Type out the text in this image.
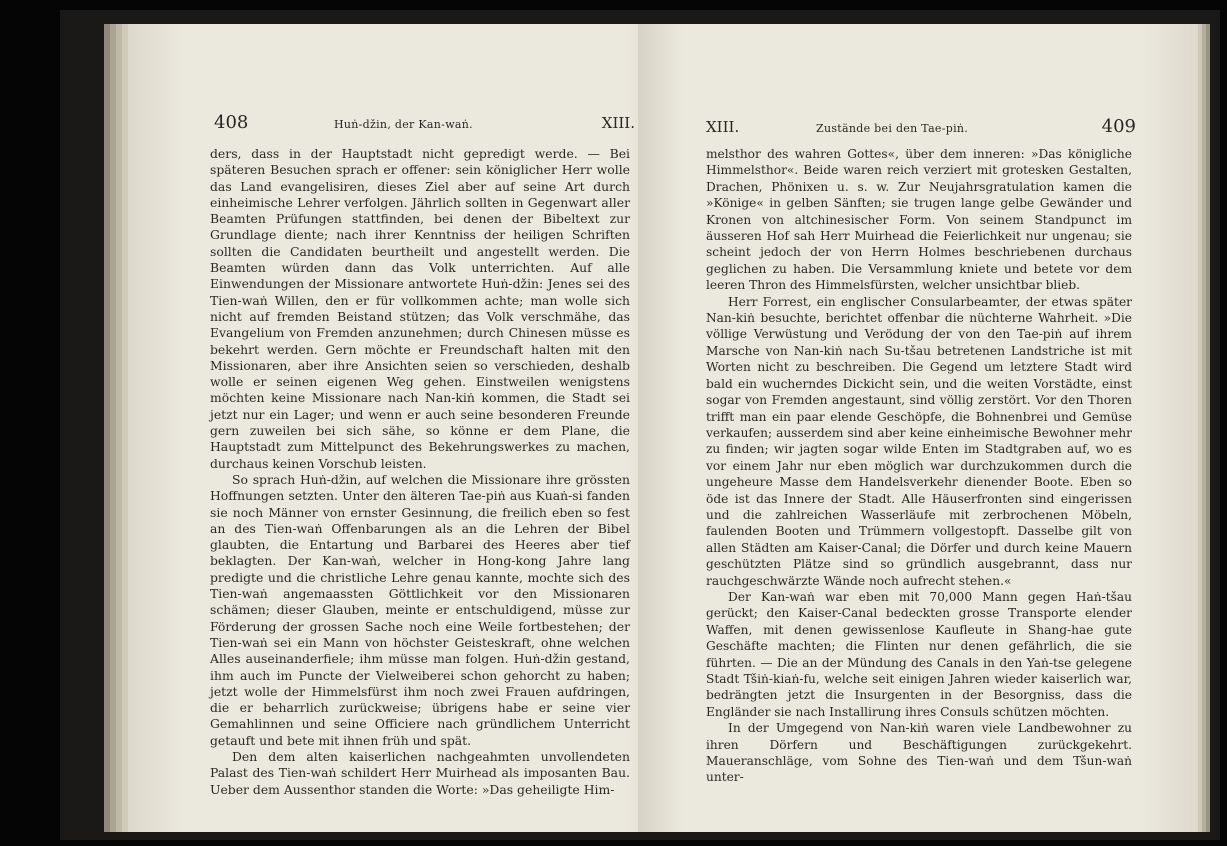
408	Huṅ-džin, der Kan-waṅ.	XIII.

ders, dass in der Hauptstadt nicht gepredigt werde. — Bei späteren Besuchen sprach er offener: sein königlicher Herr wolle das Land evangelisiren, dieses Ziel aber auf seine Art durch einheimische Lehrer verfolgen. Jährlich sollten in Gegenwart aller Beamten Prüfungen stattfinden, bei denen der Bibeltext zur Grundlage diente; nach ihrer Kenntniss der heiligen Schriften sollten die Candidaten beurtheilt und angestellt werden. Die Beamten würden dann das Volk unterrichten. Auf alle Einwendungen der Missionare antwortete Huṅ-džin: Jenes sei des Tien-waṅ Willen, den er für vollkommen achte; man wolle sich nicht auf fremden Beistand stützen; das Volk verschmähe, das Evangelium von Fremden anzunehmen; durch Chinesen müsse es bekehrt werden. Gern möchte er Freundschaft halten mit den Missionaren, aber ihre Ansichten seien so verschieden, deshalb wolle er seinen eigenen Weg gehen. Einstweilen wenigstens möchten keine Missionare nach Nan-kiṅ kommen, die Stadt sei jetzt nur ein Lager; und wenn er auch seine besonderen Freunde gern zuweilen bei sich sähe, so könne er dem Plane, die Hauptstadt zum Mittelpunct des Bekehrungswerkes zu machen, durchaus keinen Vorschub leisten.

So sprach Huṅ-džin, auf welchen die Missionare ihre grössten Hoffnungen setzten. Unter den älteren Tae-piṅ aus Kuaṅ-si fanden sie noch Männer von ernster Gesinnung, die freilich eben so fest an des Tien-waṅ Offenbarungen als an die Lehren der Bibel glaubten, die Entartung und Barbarei des Heeres aber tief beklagten. Der Kan-waṅ, welcher in Hong-kong Jahre lang predigte und die christliche Lehre genau kannte, mochte sich des Tien-waṅ angemaassten Göttlichkeit vor den Missionaren schämen; dieser Glauben, meinte er entschuldigend, müsse zur Förderung der grossen Sache noch eine Weile fortbestehen; der Tien-waṅ sei ein Mann von höchster Geisteskraft, ohne welchen Alles auseinanderfiele; ihm müsse man folgen. Huṅ-džin gestand, ihm auch im Puncte der Vielweiberei schon gehorcht zu haben; jetzt wolle der Himmelsfürst ihm noch zwei Frauen aufdringen, die er beharrlich zurückweise; übrigens habe er seine vier Gemahlinnen und seine Officiere nach gründlichem Unterricht getauft und bete mit ihnen früh und spät.

Den dem alten kaiserlichen nachgeahmten unvollendeten Palast des Tien-waṅ schildert Herr Muirhead als imposanten Bau. Ueber dem Aussenthor standen die Worte: »Das geheiligte Him-

XIII.	Zustände bei den Tae-piṅ.	409

melsthor des wahren Gottes«, über dem inneren: »Das königliche Himmelsthor«. Beide waren reich verziert mit grotesken Gestalten, Drachen, Phönixen u. s. w. Zur Neujahrsgratulation kamen die »Könige« in gelben Sänften; sie trugen lange gelbe Gewänder und Kronen von altchinesischer Form. Von seinem Standpunct im äusseren Hof sah Herr Muirhead die Feierlichkeit nur ungenau; sie scheint jedoch der von Herrn Holmes beschriebenen durchaus geglichen zu haben. Die Versammlung kniete und betete vor dem leeren Thron des Himmelsfürsten, welcher unsichtbar blieb.

Herr Forrest, ein englischer Consularbeamter, der etwas später Nan-kiṅ besuchte, berichtet offenbar die nüchterne Wahrheit. »Die völlige Verwüstung und Verödung der von den Tae-piṅ auf ihrem Marsche von Nan-kiṅ nach Su-tšau betretenen Landstriche ist mit Worten nicht zu beschreiben. Die Gegend um letztere Stadt wird bald ein wucherndes Dickicht sein, und die weiten Vorstädte, einst sogar von Fremden angestaunt, sind völlig zerstört. Vor den Thoren trifft man ein paar elende Geschöpfe, die Bohnenbrei und Gemüse verkaufen; ausserdem sind aber keine einheimische Bewohner mehr zu finden; wir jagten sogar wilde Enten im Stadtgraben auf, wo es vor einem Jahr nur eben möglich war durchzukommen durch die ungeheure Masse dem Handelsverkehr dienender Boote. Eben so öde ist das Innere der Stadt. Alle Häuserfronten sind eingerissen und die zahlreichen Wasserläufe mit zerbrochenen Möbeln, faulenden Booten und Trümmern vollgestopft. Dasselbe gilt von allen Städten am Kaiser-Canal; die Dörfer und durch keine Mauern geschützten Plätze sind so gründlich ausgebrannt, dass nur rauchgeschwärzte Wände noch aufrecht stehen.«

Der Kan-waṅ war eben mit 70,000 Mann gegen Haṅ-tšau gerückt; den Kaiser-Canal bedeckten grosse Transporte elender Waffen, mit denen gewissenlose Kaufleute in Shang-hae gute Geschäfte machten; die Flinten nur denen gefährlich, die sie führten. — Die an der Mündung des Canals in den Yaṅ-tse gelegene Stadt Tšiṅ-kiaṅ-fu, welche seit einigen Jahren wieder kaiserlich war, bedrängten jetzt die Insurgenten in der Besorgniss, dass die Engländer sie nach Installirung ihres Consuls schützen möchten.

In der Umgegend von Nan-kiṅ waren viele Landbewohner zu ihren Dörfern und Beschäftigungen zurückgekehrt. Maueranschläge, vom Sohne des Tien-waṅ und dem Tšun-waṅ unter-
